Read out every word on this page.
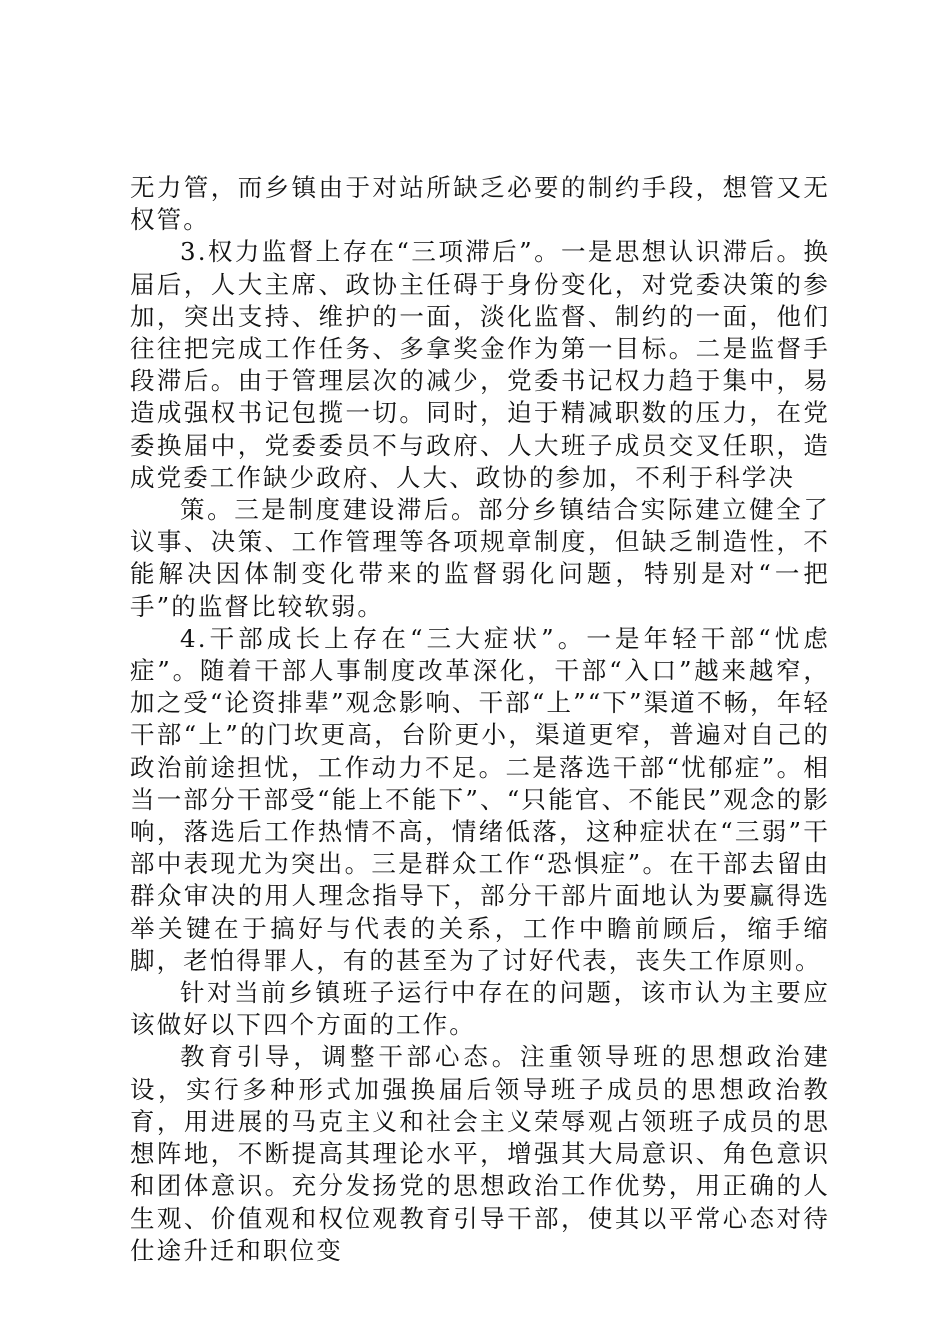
无力管，而乡镇由于对站所缺乏必要的制约手段，想管又无权管。

3.权力监督上存在“三项滞后”。一是思想认识滞后。换届后，人大主席、政协主任碍于身份变化，对党委决策的参加，突出支持、维护的一面，淡化监督、制约的一面，他们往往把完成工作任务、多拿奖金作为第一目标。二是监督手段滞后。由于管理层次的减少，党委书记权力趋于集中，易造成强权书记包揽一切。同时，迫于精减职数的压力，在党委换届中，党委委员不与政府、人大班子成员交叉任职，造成党委工作缺少政府、人大、政协的参加，不利于科学决

策。三是制度建设滞后。部分乡镇结合实际建立健全了议事、决策、工作管理等各项规章制度，但缺乏制造性，不能解决因体制变化带来的监督弱化问题，特别是对“一把手”的监督比较软弱。

4.干部成长上存在“三大症状”。一是年轻干部“忧虑症”。随着干部人事制度改革深化，干部“入口”越来越窄，加之受“论资排辈”观念影响、干部“上”“下”渠道不畅，年轻干部“上”的门坎更高，台阶更小，渠道更窄，普遍对自己的政治前途担忧，工作动力不足。二是落选干部“忧郁症”。相当一部分干部受“能上不能下”、“只能官、不能民”观念的影响，落选后工作热情不高，情绪低落，这种症状在“三弱”干部中表现尤为突出。三是群众工作“恐惧症”。在干部去留由群众审决的用人理念指导下，部分干部片面地认为要赢得选举关键在于搞好与代表的关系，工作中瞻前顾后，缩手缩脚，老怕得罪人，有的甚至为了讨好代表，丧失工作原则。

针对当前乡镇班子运行中存在的问题，该市认为主要应该做好以下四个方面的工作。

教育引导，调整干部心态。注重领导班的思想政治建设，实行多种形式加强换届后领导班子成员的思想政治教育，用进展的马克主义和社会主义荣辱观占领班子成员的思想阵地，不断提高其理论水平，增强其大局意识、角色意识和团体意识。充分发扬党的思想政治工作优势，用正确的人生观、价值观和权位观教育引导干部，使其以平常心态对待仕途升迁和职位变
